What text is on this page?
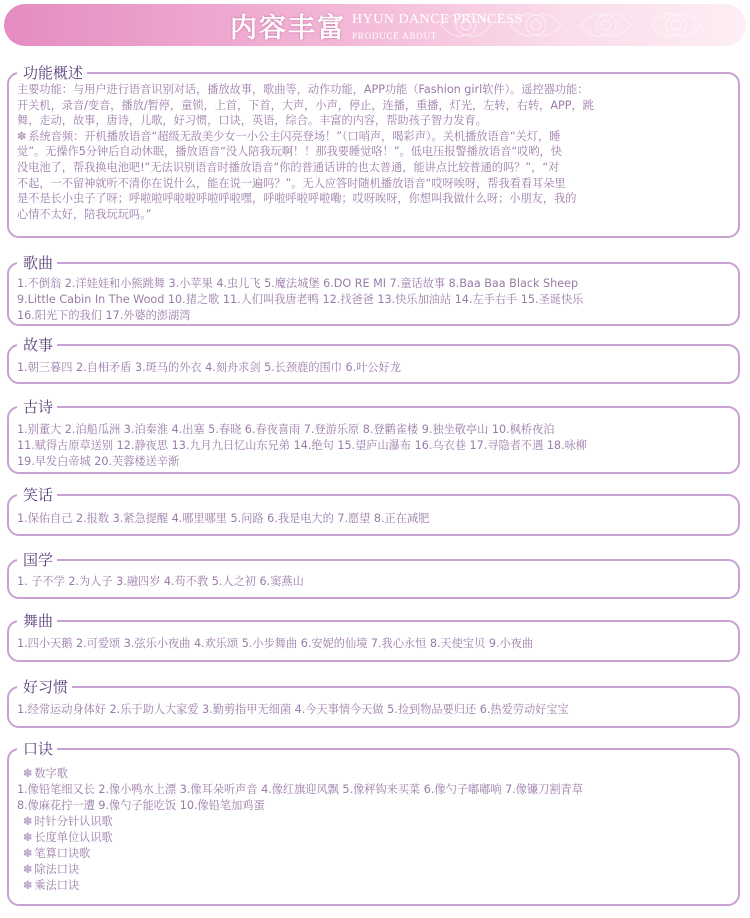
内容丰富 HYUN DANCE PRINCESS
PRODUCE ABOUT
功能概述
主要功能：与用户进行语音识别对话，播放故事，歌曲等，动作功能，APP功能（Fashion girl软件）。遥控器功能：
开关机，录音/变音，播放/暂停，童锁，上首，下首，大声，小声，停止，连播，重播，灯光，左转，右转，APP，跳
舞，走动，故事，唐诗，儿歌，好习惯，口诀，英语，综合。丰富的内容，帮助孩子智力发育。
✽ 系统音频：开机播放语音“超级无敌美少女一小公主闪亮登场！”（口哨声，喝彩声）。关机播放语音“关灯，睡
觉”。无操作5分钟后自动休眠，播放语音“没人陪我玩啊！！那我要睡觉咯！”。低电压报警播放语音“哎哟，快
没电池了，帮我换电池吧!”无法识别语音时播放语音“你的普通话讲的也太普通，能讲点比较普通的吗？”，“对
不起，一不留神就听不清你在说什么，能在说一遍吗？”。无人应答时随机播放语音“哎呀唉呀，帮我看看耳朵里
是不是长小虫子了呀；呼啦啦呼啦啦呼啦呼啦嘿，呼啦呼啦呼啦嘞；哎呀唉呀，你想叫我做什么呀；小朋友，我的
心情不太好，陪我玩玩吗。”
歌曲
1.不倒翁 2.洋娃娃和小熊跳舞 3.小苹果 4.虫儿飞 5.魔法城堡 6.DO RE MI 7.童话故事 8.Baa Baa Black Sheep
9.Little Cabin In The Wood 10.猪之歌 11.人们叫我唐老鸭 12.找爸爸 13.快乐加油站 14.左手右手 15.圣诞快乐
16.阳光下的我们 17.外婆的澎湖湾
故事
1.朝三暮四 2.自相矛盾 3.斑马的外衣 4.刻舟求剑 5.长颈鹿的围巾 6.叶公好龙
古诗
1.别董大 2.泊船瓜洲 3.泊秦淮 4.出塞 5.春晓 6.春夜喜雨 7.登游乐原 8.登鹳雀楼 9.独坐敬亭山 10.枫桥夜泊
11.赋得古原草送别 12.静夜思 13.九月九日忆山东兄弟 14.绝句 15.望庐山瀑布 16.乌衣巷 17.寻隐者不遇 18.咏柳
19.早发白帝城 20.芙蓉楼送辛渐
笑话
1.保佑自己 2.报数 3.紧急提醒 4.哪里哪里 5.问路 6.我是电大的 7.愿望 8.正在减肥
国学
1. 子不学 2.为人子 3.融四岁 4.苟不教 5.人之初 6.窦燕山
舞曲
1.四小天鹅 2.可爱颂 3.弦乐小夜曲 4.欢乐颂 5.小步舞曲 6.安妮的仙境 7.我心永恒 8.天使宝贝 9.小夜曲
好习惯
1.经常运动身体好 2.乐于助人大家爱 3.勤剪指甲无细菌 4.今天事情今天做 5.捡到物品要归还 6.热爱劳动好宝宝
口诀
✽ 数字歌
1.像铅笔细又长 2.像小鸭水上漂 3.像耳朵听声音 4.像红旗迎风飘 5.像秤钩来买菜 6.像勺子嘟嘟响 7.像镰刀割青草
8.像麻花拧一遭 9.像勺子能吃饭 10.像铅笔加鸡蛋
✽ 时针分针认识歌
✽ 长度单位认识歌
✽ 笔算口诀歌
✽ 除法口诀
✽ 乘法口诀
